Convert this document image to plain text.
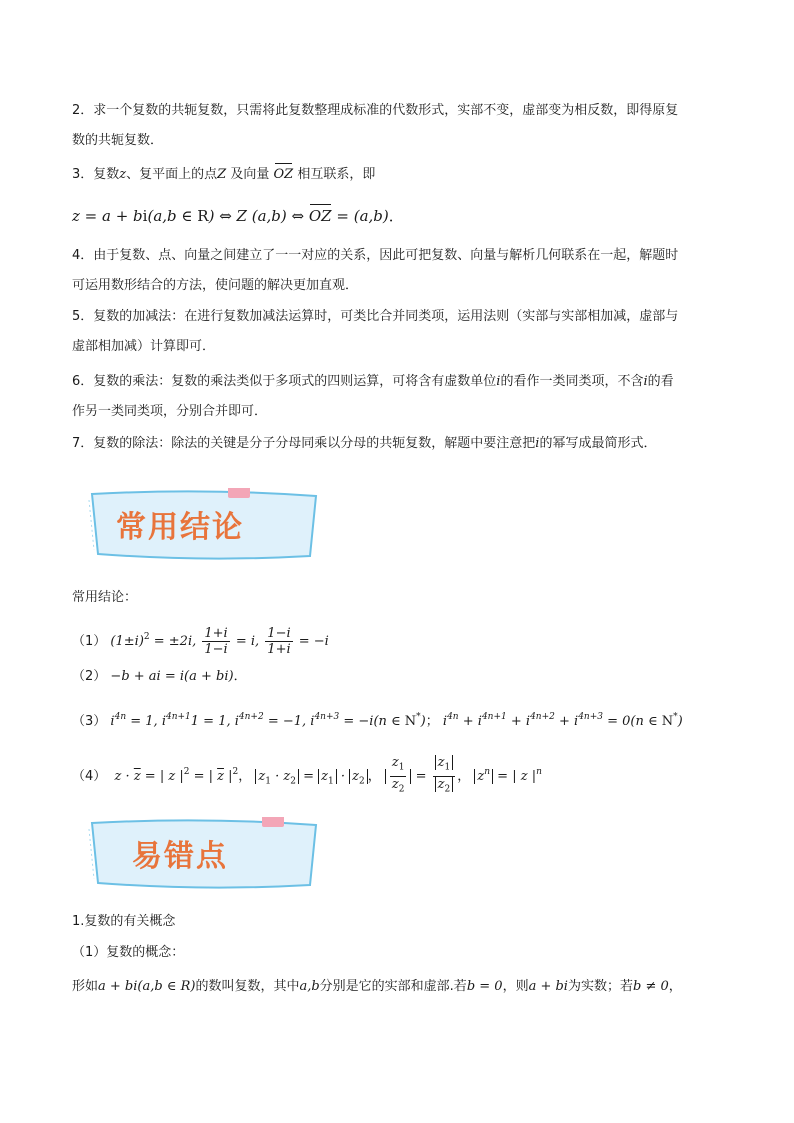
2．求一个复数的共轭复数，只需将此复数整理成标准的代数形式，实部不变，虚部变为相反数，即得原复
数的共轭复数．
3．复数z、复平面上的点Z 及向量 OZ 相互联系，即
z = a + bi(a,b ∈ R) ⇔ Z (a,b) ⇔ OZ = (a,b)．
4．由于复数、点、向量之间建立了一一对应的关系，因此可把复数、向量与解析几何联系在一起，解题时
可运用数形结合的方法，使问题的解决更加直观．
5．复数的加减法：在进行复数加减法运算时，可类比合并同类项，运用法则（实部与实部相加减，虚部与
虚部相加减）计算即可．
6．复数的乘法：复数的乘法类似于多项式的四则运算，可将含有虚数单位i的看作一类同类项，不含i的看
作另一类同类项，分别合并即可．
7．复数的除法：除法的关键是分子分母同乘以分母的共轭复数，解题中要注意把i的幂写成最简形式．
常用结论
常用结论：
（1） $(1\pm i)^2 = \pm 2i$, $\frac{1+i}{1-i} = i$, $\frac{1-i}{1+i} = -i$
（2） −b + ai = i(a + bi)．
（3） $i^{4n} = 1$, $i^{4n+1}1 = 1$, $i^{4n+2} = -1$, $i^{4n+3} = -i(n$ ∈ N*)； $i^{4n} + i^{4n+1} + i^{4n+2} + i^{4n+3} = 0(n$ ∈ N*)
（4）  $z \cdot \overline{z}$ = | z $|^2$ = | $\overline{z}$ $|^2$， $z_1 \cdot z_2 = z_1 \cdot z_2$ ， $\frac{z_1}{z_2} = \frac{z_1}{z_2}$ ， $z^n$ = | z $|^n$
易错点
1.复数的有关概念
（1）复数的概念：
形如a + bi(a,b ∈ R)的数叫复数，其中a,b分别是它的实部和虚部.若b = 0，则a + bi为实数；若b ≠ 0，
